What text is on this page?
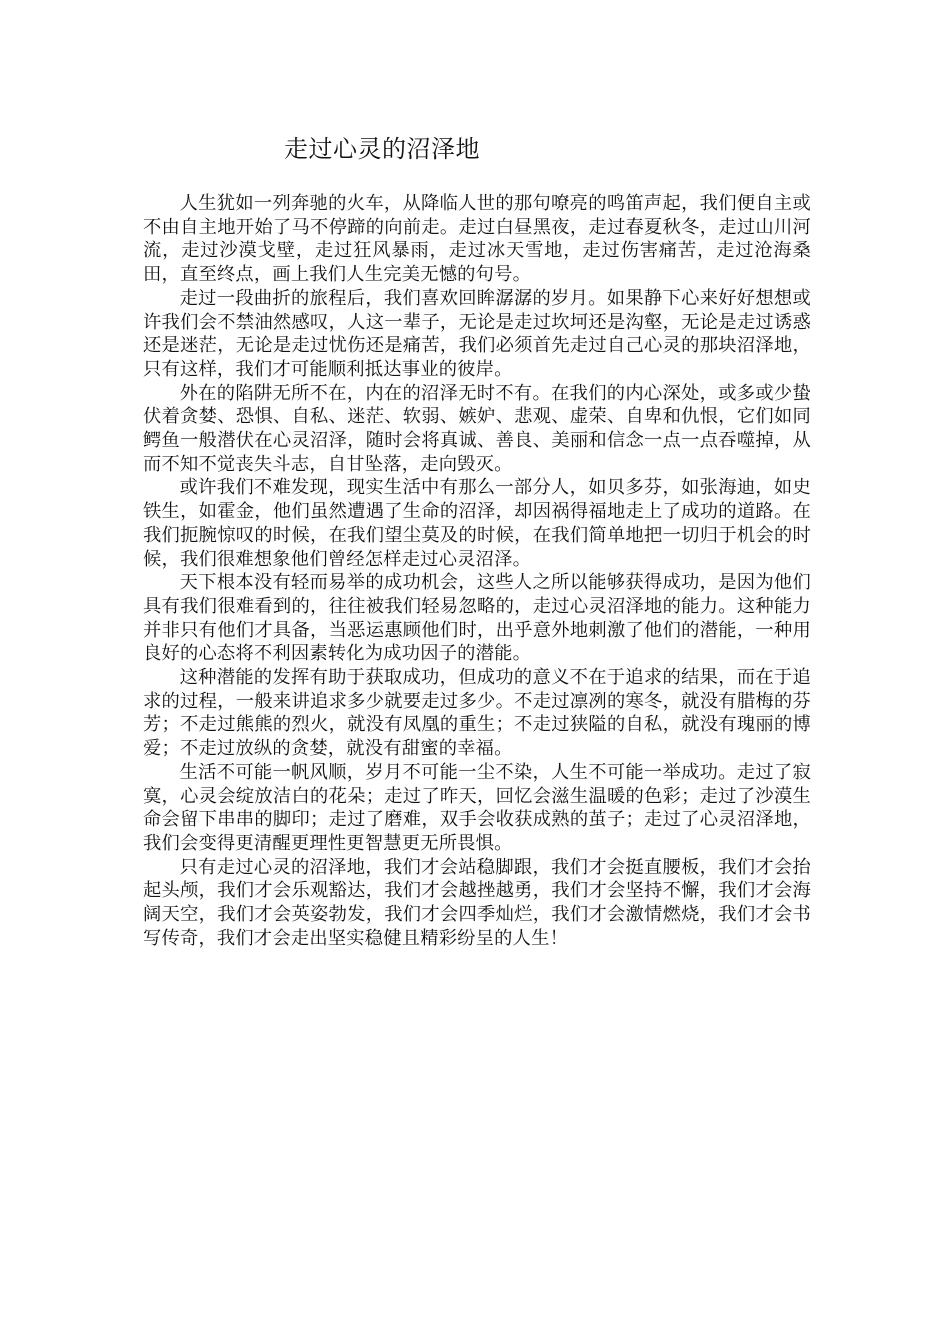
走过心灵的沼泽地

人生犹如一列奔驰的火车，从降临人世的那句嘹亮的鸣笛声起，我们便自主或不由自主地开始了马不停蹄的向前走。走过白昼黑夜，走过春夏秋冬，走过山川河流，走过沙漠戈壁，走过狂风暴雨，走过冰天雪地，走过伤害痛苦，走过沧海桑田，直至终点，画上我们人生完美无憾的句号。

走过一段曲折的旅程后，我们喜欢回眸潺潺的岁月。如果静下心来好好想想或许我们会不禁油然感叹，人这一辈子，无论是走过坎坷还是沟壑，无论是走过诱惑还是迷茫，无论是走过忧伤还是痛苦，我们必须首先走过自己心灵的那块沼泽地，只有这样，我们才可能顺利抵达事业的彼岸。

外在的陷阱无所不在，内在的沼泽无时不有。在我们的内心深处，或多或少蛰伏着贪婪、恐惧、自私、迷茫、软弱、嫉妒、悲观、虚荣、自卑和仇恨，它们如同鳄鱼一般潜伏在心灵沼泽，随时会将真诚、善良、美丽和信念一点一点吞噬掉，从而不知不觉丧失斗志，自甘坠落，走向毁灭。

或许我们不难发现，现实生活中有那么一部分人，如贝多芬，如张海迪，如史铁生，如霍金，他们虽然遭遇了生命的沼泽，却因祸得福地走上了成功的道路。在我们扼腕惊叹的时候，在我们望尘莫及的时候，在我们简单地把一切归于机会的时候，我们很难想象他们曾经怎样走过心灵沼泽。

天下根本没有轻而易举的成功机会，这些人之所以能够获得成功，是因为他们具有我们很难看到的，往往被我们轻易忽略的，走过心灵沼泽地的能力。这种能力并非只有他们才具备，当恶运惠顾他们时，出乎意外地刺激了他们的潜能，一种用良好的心态将不利因素转化为成功因子的潜能。

这种潜能的发挥有助于获取成功，但成功的意义不在于追求的结果，而在于追求的过程，一般来讲追求多少就要走过多少。不走过凛冽的寒冬，就没有腊梅的芬芳；不走过熊熊的烈火，就没有凤凰的重生；不走过狭隘的自私，就没有瑰丽的博爱；不走过放纵的贪婪，就没有甜蜜的幸福。

生活不可能一帆风顺，岁月不可能一尘不染，人生不可能一举成功。走过了寂寞，心灵会绽放洁白的花朵；走过了昨天，回忆会滋生温暖的色彩；走过了沙漠生命会留下串串的脚印；走过了磨难，双手会收获成熟的茧子；走过了心灵沼泽地，我们会变得更清醒更理性更智慧更无所畏惧。

只有走过心灵的沼泽地，我们才会站稳脚跟，我们才会挺直腰板，我们才会抬起头颅，我们才会乐观豁达，我们才会越挫越勇，我们才会坚持不懈，我们才会海阔天空，我们才会英姿勃发，我们才会四季灿烂，我们才会激情燃烧，我们才会书写传奇，我们才会走出坚实稳健且精彩纷呈的人生！
